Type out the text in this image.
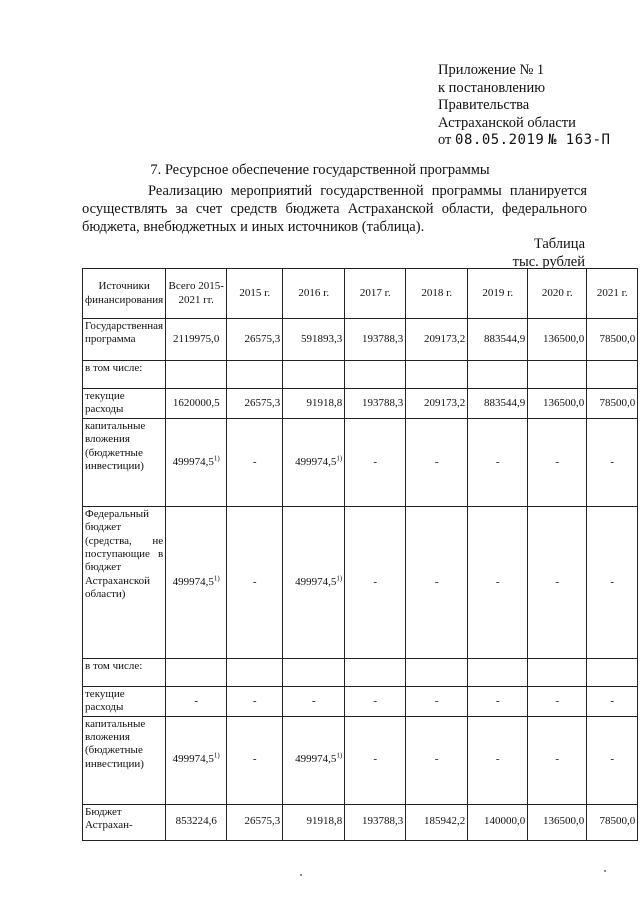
Приложение № 1
к постановлению
Правительства
Астраханской области
от 08.05.2019 № 163-П
7. Ресурсное обеспечение государственной программы

Реализацию мероприятий государственной программы планируется осуществлять за счет средств бюджета Астраханской области, федерального бюджета, внебюджетных и иных источников (таблица).

Таблица
тыс. рублей
Источники финансирования	Всего 2015-2021 гг.	2015 г.	2016 г.	2017 г.	2018 г.	2019 г.	2020 г.	2021 г.
Государственная программа	2119975,0	26575,3	591893,3	193788,3	209173,2	883544,9	136500,0	78500,0
в том числе:								
текущие расходы	1620000,5	26575,3	91918,8	193788,3	209173,2	883544,9	136500,0	78500,0
капитальные вложения (бюджетные инвестиции)	499974,5$^{1)}$	-	499974,5$^{1)}$	-	-	-	-	-
Федеральный бюджет (средства, не поступающие в бюджет Астраханской области)	499974,5$^{1)}$	-	499974,5$^{1)}$	-	-	-	-	-
в том числе:								
текущие расходы	-	-	-	-	-	-	-	-
капитальные вложения (бюджетные инвестиции)	499974,5$^{1)}$	-	499974,5$^{1)}$	-	-	-	-	-
Бюджет Астрахан-	853224,6	26575,3	91918,8	193788,3	185942,2	140000,0	136500,0	78500,0
